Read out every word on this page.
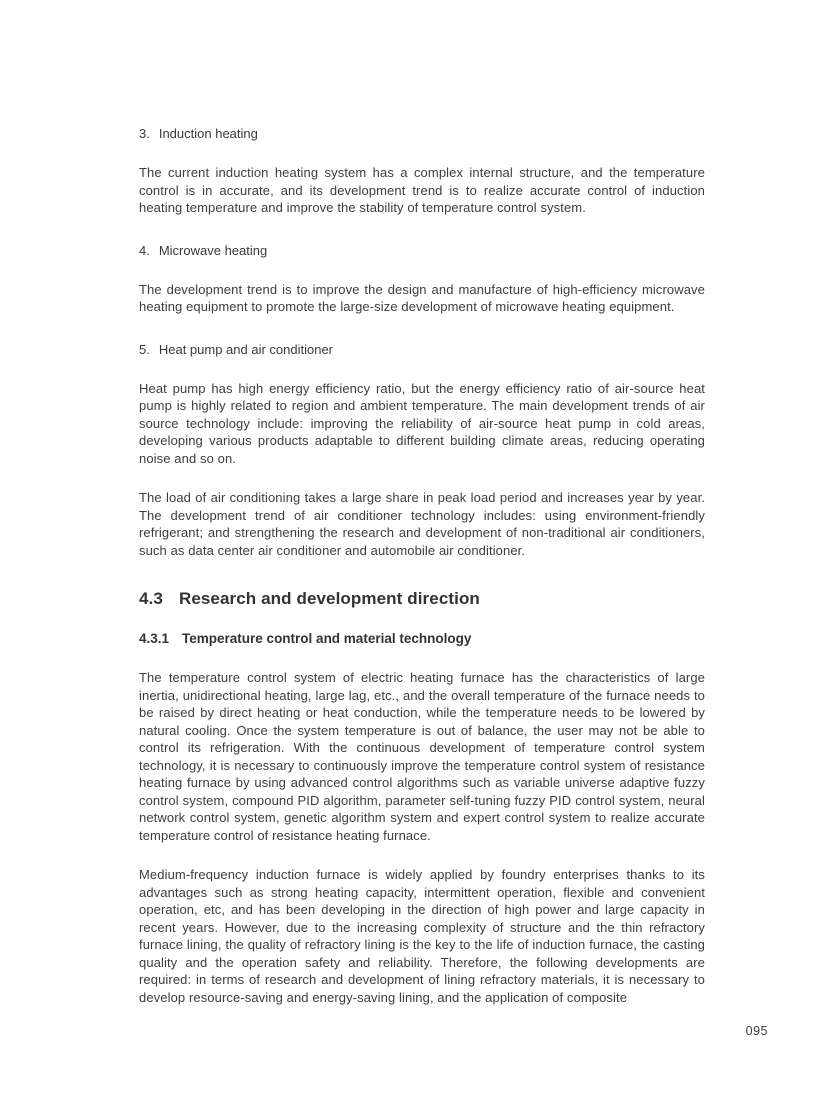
3. Induction heating

The current induction heating system has a complex internal structure, and the temperature control is in accurate, and its development trend is to realize accurate control of induction heating temperature and improve the stability of temperature control system.

4. Microwave heating

The development trend is to improve the design and manufacture of high-efficiency microwave heating equipment to promote the large-size development of microwave heating equipment.

5. Heat pump and air conditioner

Heat pump has high energy efficiency ratio, but the energy efficiency ratio of air-source heat pump is highly related to region and ambient temperature. The main development trends of air source technology include: improving the reliability of air-source heat pump in cold areas, developing various products adaptable to different building climate areas, reducing operating noise and so on.

The load of air conditioning takes a large share in peak load period and increases year by year. The development trend of air conditioner technology includes: using environment-friendly refrigerant; and strengthening the research and development of non-traditional air conditioners, such as data center air conditioner and automobile air conditioner.

4.3 Research and development direction
4.3.1 Temperature control and material technology

The temperature control system of electric heating furnace has the characteristics of large inertia, unidirectional heating, large lag, etc., and the overall temperature of the furnace needs to be raised by direct heating or heat conduction, while the temperature needs to be lowered by natural cooling. Once the system temperature is out of balance, the user may not be able to control its refrigeration. With the continuous development of temperature control system technology, it is necessary to continuously improve the temperature control system of resistance heating furnace by using advanced control algorithms such as variable universe adaptive fuzzy control system, compound PID algorithm, parameter self-tuning fuzzy PID control system, neural network control system, genetic algorithm system and expert control system to realize accurate temperature control of resistance heating furnace.

Medium-frequency induction furnace is widely applied by foundry enterprises thanks to its advantages such as strong heating capacity, intermittent operation, flexible and convenient operation, etc, and has been developing in the direction of high power and large capacity in recent years. However, due to the increasing complexity of structure and the thin refractory furnace lining, the quality of refractory lining is the key to the life of induction furnace, the casting quality and the operation safety and reliability. Therefore, the following developments are required: in terms of research and development of lining refractory materials, it is necessary to develop resource-saving and energy-saving lining, and the application of composite

095
